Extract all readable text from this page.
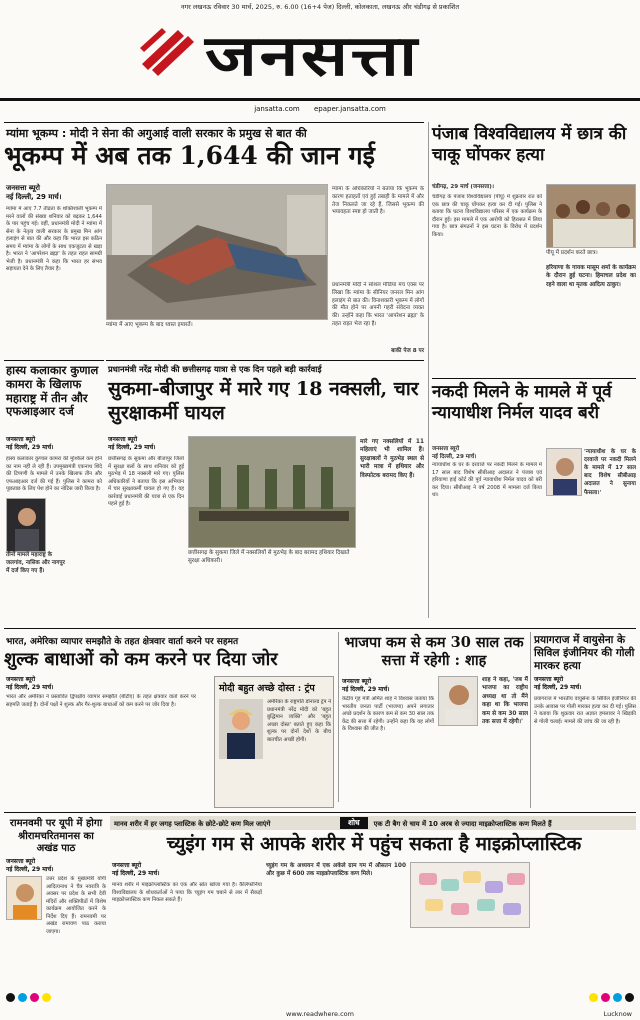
नगर लखनऊ रविवार 30 मार्च, 2025, रु. 6.00 (16+4 पेज) दिल्ली, कोलकाता, लखनऊ और चंडीगढ़ से प्रकाशित
जनसत्ता
jansatta.com epaper.jansatta.com
म्यांमा भूकम्प : मोदी ने सेना की अगुआई वाली सरकार के प्रमुख से बात की
भूकम्प में अब तक 1,644 की जान गई
जनसत्ता ब्यूरो
नई दिल्ली, 29 मार्च।
म्यांमा में आए 7.7 तीव्रता के शक्तिशाली भूकम्प में मरने वालों की संख्या शनिवार को बढ़कर 1,644 के पार पहुंच गई। वहीं, प्रधानमंत्री मोदी ने म्यांमा में सेना के नेतृत्व वाली सरकार के प्रमुख मिन आंग हलाइंग से बात की और कहा कि भारत इस कठिन समय में म्यांमा के लोगों के साथ एकजुटता से खड़ा है। भारत ने 'आपरेशन ब्रह्मा' के तहत राहत सामग्री भेजी है। प्रधानमंत्री ने कहा कि भारत हर संभव सहायता देने के लिए तैयार है।
म्यांमा में आए भूकम्प के बाद ध्वस्त इमारतें।
म्यांमा के अधिकारियों ने बताया कि भूकम्प के कारण हताहतों एवं हुई तबाही के मामले में और तेज निकलते जा रहे हैं, जिससे भूकम्प की भयावहता स्पष्ट हो जाती है।
प्रधानमंत्री मोदी ने सोशल मीडिया मंच एक्स पर लिखा कि म्यांमा के सीनियर जनरल मिन आंग हलाइंग से बात की। विनाशकारी भूकम्प में लोगों की मौत होने पर अपनी गहरी संवेदना व्यक्त की। उन्होंने कहा कि भारत 'आपरेशन ब्रह्मा' के तहत राहत भेज रहा है।
बाकी पेज 8 पर
हास्य कलाकार कुणाल कामरा के खिलाफ महाराष्ट्र में तीन और एफआइआर दर्ज
जनसत्ता ब्यूरो
नई दिल्ली, 29 मार्च।
हास्य कलाकार कुणाल कामरा की मुश्किलें कम होने का नाम नहीं ले रही हैं। उपमुख्यमंत्री एकनाथ शिंदे की टिप्पणी के मामले में उनके खिलाफ तीन और एफआइआर दर्ज की गई हैं। पुलिस ने कामरा को पूछताछ के लिए पेश होने का नोटिस जारी किया है।
तीनों मामले महाराष्ट्र के जलगांव, नासिक और नागपुर में दर्ज किए गए हैं।
प्रधानमंत्री नरेंद्र मोदी की छत्तीसगढ़ यात्रा से एक दिन पहले बड़ी कार्रवाई
सुकमा-बीजापुर में मारे गए 18 नक्सली, चार सुरक्षाकर्मी घायल
जनसत्ता ब्यूरो
नई दिल्ली, 29 मार्च।
छत्तीसगढ़ के सुकमा और बीजापुर जिलों में सुरक्षा बलों के साथ शनिवार को हुई मुठभेड़ में 18 नक्सली मारे गए। पुलिस अधिकारियों ने बताया कि इस अभियान में चार सुरक्षाकर्मी घायल हो गए हैं। यह कार्रवाई प्रधानमंत्री की यात्रा से एक दिन पहले हुई है।
छत्तीसगढ़ के सुकमा जिले में नक्सलियों से मुठभेड़ के बाद बरामद हथियार दिखाते सुरक्षा अधिकारी।
मारे गए नक्सलियों में 11 महिलाएं भी शामिल हैं। सुरक्षाबलों ने मुठभेड़ स्थल से भारी मात्रा में हथियार और विस्फोटक बरामद किए हैं।
पंजाब विश्वविद्यालय में छात्र की चाकू घोंपकर हत्या
चंडीगढ़, 29 मार्च (जनसत्ता)।
चंडीगढ़ के पंजाब विश्वविद्यालय (पीयू) में शुक्रवार रात को एक छात्र की चाकू घोंपकर हत्या कर दी गई। पुलिस ने बताया कि घटना विश्वविद्यालय परिसर में एक कार्यक्रम के दौरान हुई। इस मामले में एक आरोपी को हिरासत में लिया गया है। छात्र संगठनों ने इस घटना के विरोध में प्रदर्शन किया।
पीयू में प्रदर्शन करते छात्र।
हरियाणा के गायक मासूम शर्मा के कार्यक्रम के दौरान हुई घटना। हिमाचल प्रदेश का रहने वाला था मृतक आदित्य ठाकुर।
नकदी मिलने के मामले में पूर्व न्यायाधीश निर्मल यादव बरी
जनसत्ता ब्यूरो
नई दिल्ली, 29 मार्च।
न्यायाधीश के घर के दरवाजे पर नकदी मिलने के मामले में 17 साल बाद विशेष सीबीआइ अदालत ने पंजाब एवं हरियाणा हाई कोर्ट की पूर्व न्यायाधीश निर्मल यादव को बरी कर दिया। सीबीआइ ने वर्ष 2008 में मामला दर्ज किया था।
'न्यायाधीश के घर के दरवाजे पर नकदी मिलने के मामले में 17 साल बाद विशेष सीबीआइ अदालत ने सुनाया फैसला।'
भारत, अमेरिका व्यापार समझौते के तहत क्षेत्रवार वार्ता करने पर सहमत
शुल्क बाधाओं को कम करने पर दिया जोर
जनसत्ता ब्यूरो
नई दिल्ली, 29 मार्च।
भारत और अमेरिका ने प्रस्तावित द्विपक्षीय व्यापार समझौते (बीटीए) के तहत क्षेत्रवार वार्ता करने पर सहमति जताई है। दोनों पक्षों ने शुल्क और गैर-शुल्क बाधाओं को कम करने पर जोर दिया है।
मोदी बहुत अच्छे दोस्त : ट्रंप
अमेरिका के राष्ट्रपति डोनाल्ड ट्रंप ने प्रधानमंत्री नरेंद्र मोदी को 'बहुत बुद्धिमान व्यक्ति' और 'बहुत अच्छा दोस्त' बताते हुए कहा कि शुल्क पर दोनों देशों के बीच बातचीत अच्छी होगी।
भाजपा कम से कम 30 साल तक सत्ता में रहेगी : शाह
जनसत्ता ब्यूरो
नई दिल्ली, 29 मार्च।
केंद्रीय गृह मंत्री अमित शाह ने विश्वास जताया कि भारतीय जनता पार्टी (भाजपा) अपने लगातार अच्छे प्रदर्शन के कारण कम से कम 30 साल तक केंद्र की सत्ता में रहेगी। उन्होंने कहा कि यह लोगों के विश्वास की जीत है।
शाह ने कहा, 'जब मैं भाजपा का राष्ट्रीय अध्यक्ष था तो मैंने कहा था कि भाजपा कम से कम 30 साल तक सत्ता में रहेगी।'
प्रयागराज में वायुसेना के सिविल इंजीनियर की गोली मारकर हत्या
जनसत्ता ब्यूरो
नई दिल्ली, 29 मार्च।
प्रयागराज में भारतीय वायुसेना के सिविल इंजीनियर की उनके आवास पर गोली मारकर हत्या कर दी गई। पुलिस ने बताया कि शुक्रवार रात अज्ञात हमलावर ने खिड़की से गोली चलाई। मामले की जांच की जा रही है।
रामनवमी पर यूपी में होगा श्रीरामचरितमानस का अखंड पाठ
जनसत्ता ब्यूरो
नई दिल्ली, 29 मार्च।
उत्तर प्रदेश के मुख्यमंत्री योगी आदित्यनाथ ने चैत्र नवरात्रि के अवसर पर प्रदेश के सभी देवी मंदिरों और शक्तिपीठों में विशेष कार्यक्रम आयोजित करने के निर्देश दिए हैं। रामनवमी पर अखंड रामायण पाठ कराया जाएगा।
मानव शरीर में हर जगह प्लास्टिक के छोटे-छोटे कण मिल जाएंगे	शोध	एक टी बैग से चाय में 10 अरब से ज्यादा माइक्रोप्लास्टिक कण मिलते हैं
च्युइंग गम से आपके शरीर में पहुंच सकता है माइक्रोप्लास्टिक
जनसत्ता ब्यूरो
नई दिल्ली, 29 मार्च।
मानव शरीर में माइक्रोप्लास्टिक का एक और स्रोत खोजा गया है। कैलिफोर्निया विश्वविद्यालय के शोधकर्ताओं ने पाया कि च्युइंग गम चबाने से लार में सैकड़ों माइक्रोप्लास्टिक कण निकल सकते हैं।
च्युइंग गम के अध्ययन में एक अकेले ग्राम गम में औसतन 100 और कुछ में 600 तक माइक्रोप्लास्टिक कण मिले।
www.readwhere.com	Lucknow
